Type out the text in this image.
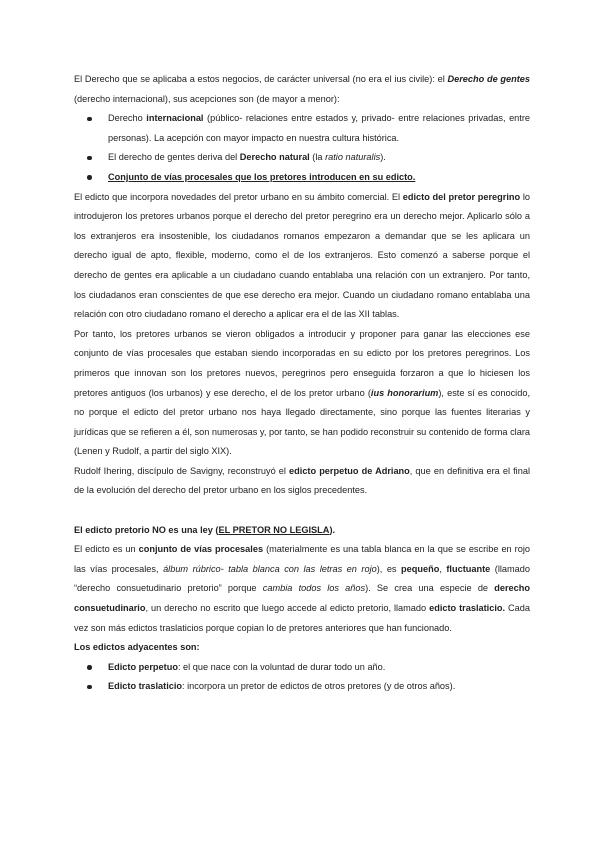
El Derecho que se aplicaba a estos negocios, de carácter universal (no era el ius civile): el Derecho de gentes (derecho internacional), sus acepciones son (de mayor a menor):

Derecho internacional (público- relaciones entre estados y, privado- entre relaciones privadas, entre personas). La acepción con mayor impacto en nuestra cultura histórica.
El derecho de gentes deriva del Derecho natural (la ratio naturalis).
Conjunto de vías procesales que los pretores introducen en su edicto.

El edicto que incorpora novedades del pretor urbano en su ámbito comercial. El edicto del pretor peregrino lo introdujeron los pretores urbanos porque el derecho del pretor peregrino era un derecho mejor. Aplicarlo sólo a los extranjeros era insostenible, los ciudadanos romanos empezaron a demandar que se les aplicara un derecho igual de apto, flexible, moderno, como el de los extranjeros. Esto comenzó a saberse porque el derecho de gentes era aplicable a un ciudadano cuando entablaba una relación con un extranjero. Por tanto, los ciudadanos eran conscientes de que ese derecho era mejor. Cuando un ciudadano romano entablaba una relación con otro ciudadano romano el derecho a aplicar era el de las XII tablas.

Por tanto, los pretores urbanos se vieron obligados a introducir y proponer para ganar las elecciones ese conjunto de vías procesales que estaban siendo incorporadas en su edicto por los pretores peregrinos. Los primeros que innovan son los pretores nuevos, peregrinos pero enseguida forzaron a que lo hiciesen los pretores antiguos (los urbanos) y ese derecho, el de los pretor urbano (ius honorarium), este sí es conocido, no porque el edicto del pretor urbano nos haya llegado directamente, sino porque las fuentes literarias y jurídicas que se refieren a él, son numerosas y, por tanto, se han podido reconstruir su contenido de forma clara (Lenen y Rudolf, a partir del siglo XIX).

Rudolf Ihering, discípulo de Savigny, reconstruyó el edicto perpetuo de Adriano, que en definitiva era el final de la evolución del derecho del pretor urbano en los siglos precedentes.

El edicto pretorio NO es una ley (EL PRETOR NO LEGISLA).

El edicto es un conjunto de vías procesales (materialmente es una tabla blanca en la que se escribe en rojo las vías procesales, álbum rúbrico- tabla blanca con las letras en rojo), es pequeño, fluctuante (llamado “derecho consuetudinario pretorio” porque cambia todos los años). Se crea una especie de derecho consuetudinario, un derecho no escrito que luego accede al edicto pretorio, llamado edicto traslaticio. Cada vez son más edictos traslaticios porque copian lo de pretores anteriores que han funcionado.

Los edictos adyacentes son:

Edicto perpetuo: el que nace con la voluntad de durar todo un año.
Edicto traslaticio: incorpora un pretor de edictos de otros pretores (y de otros años).
